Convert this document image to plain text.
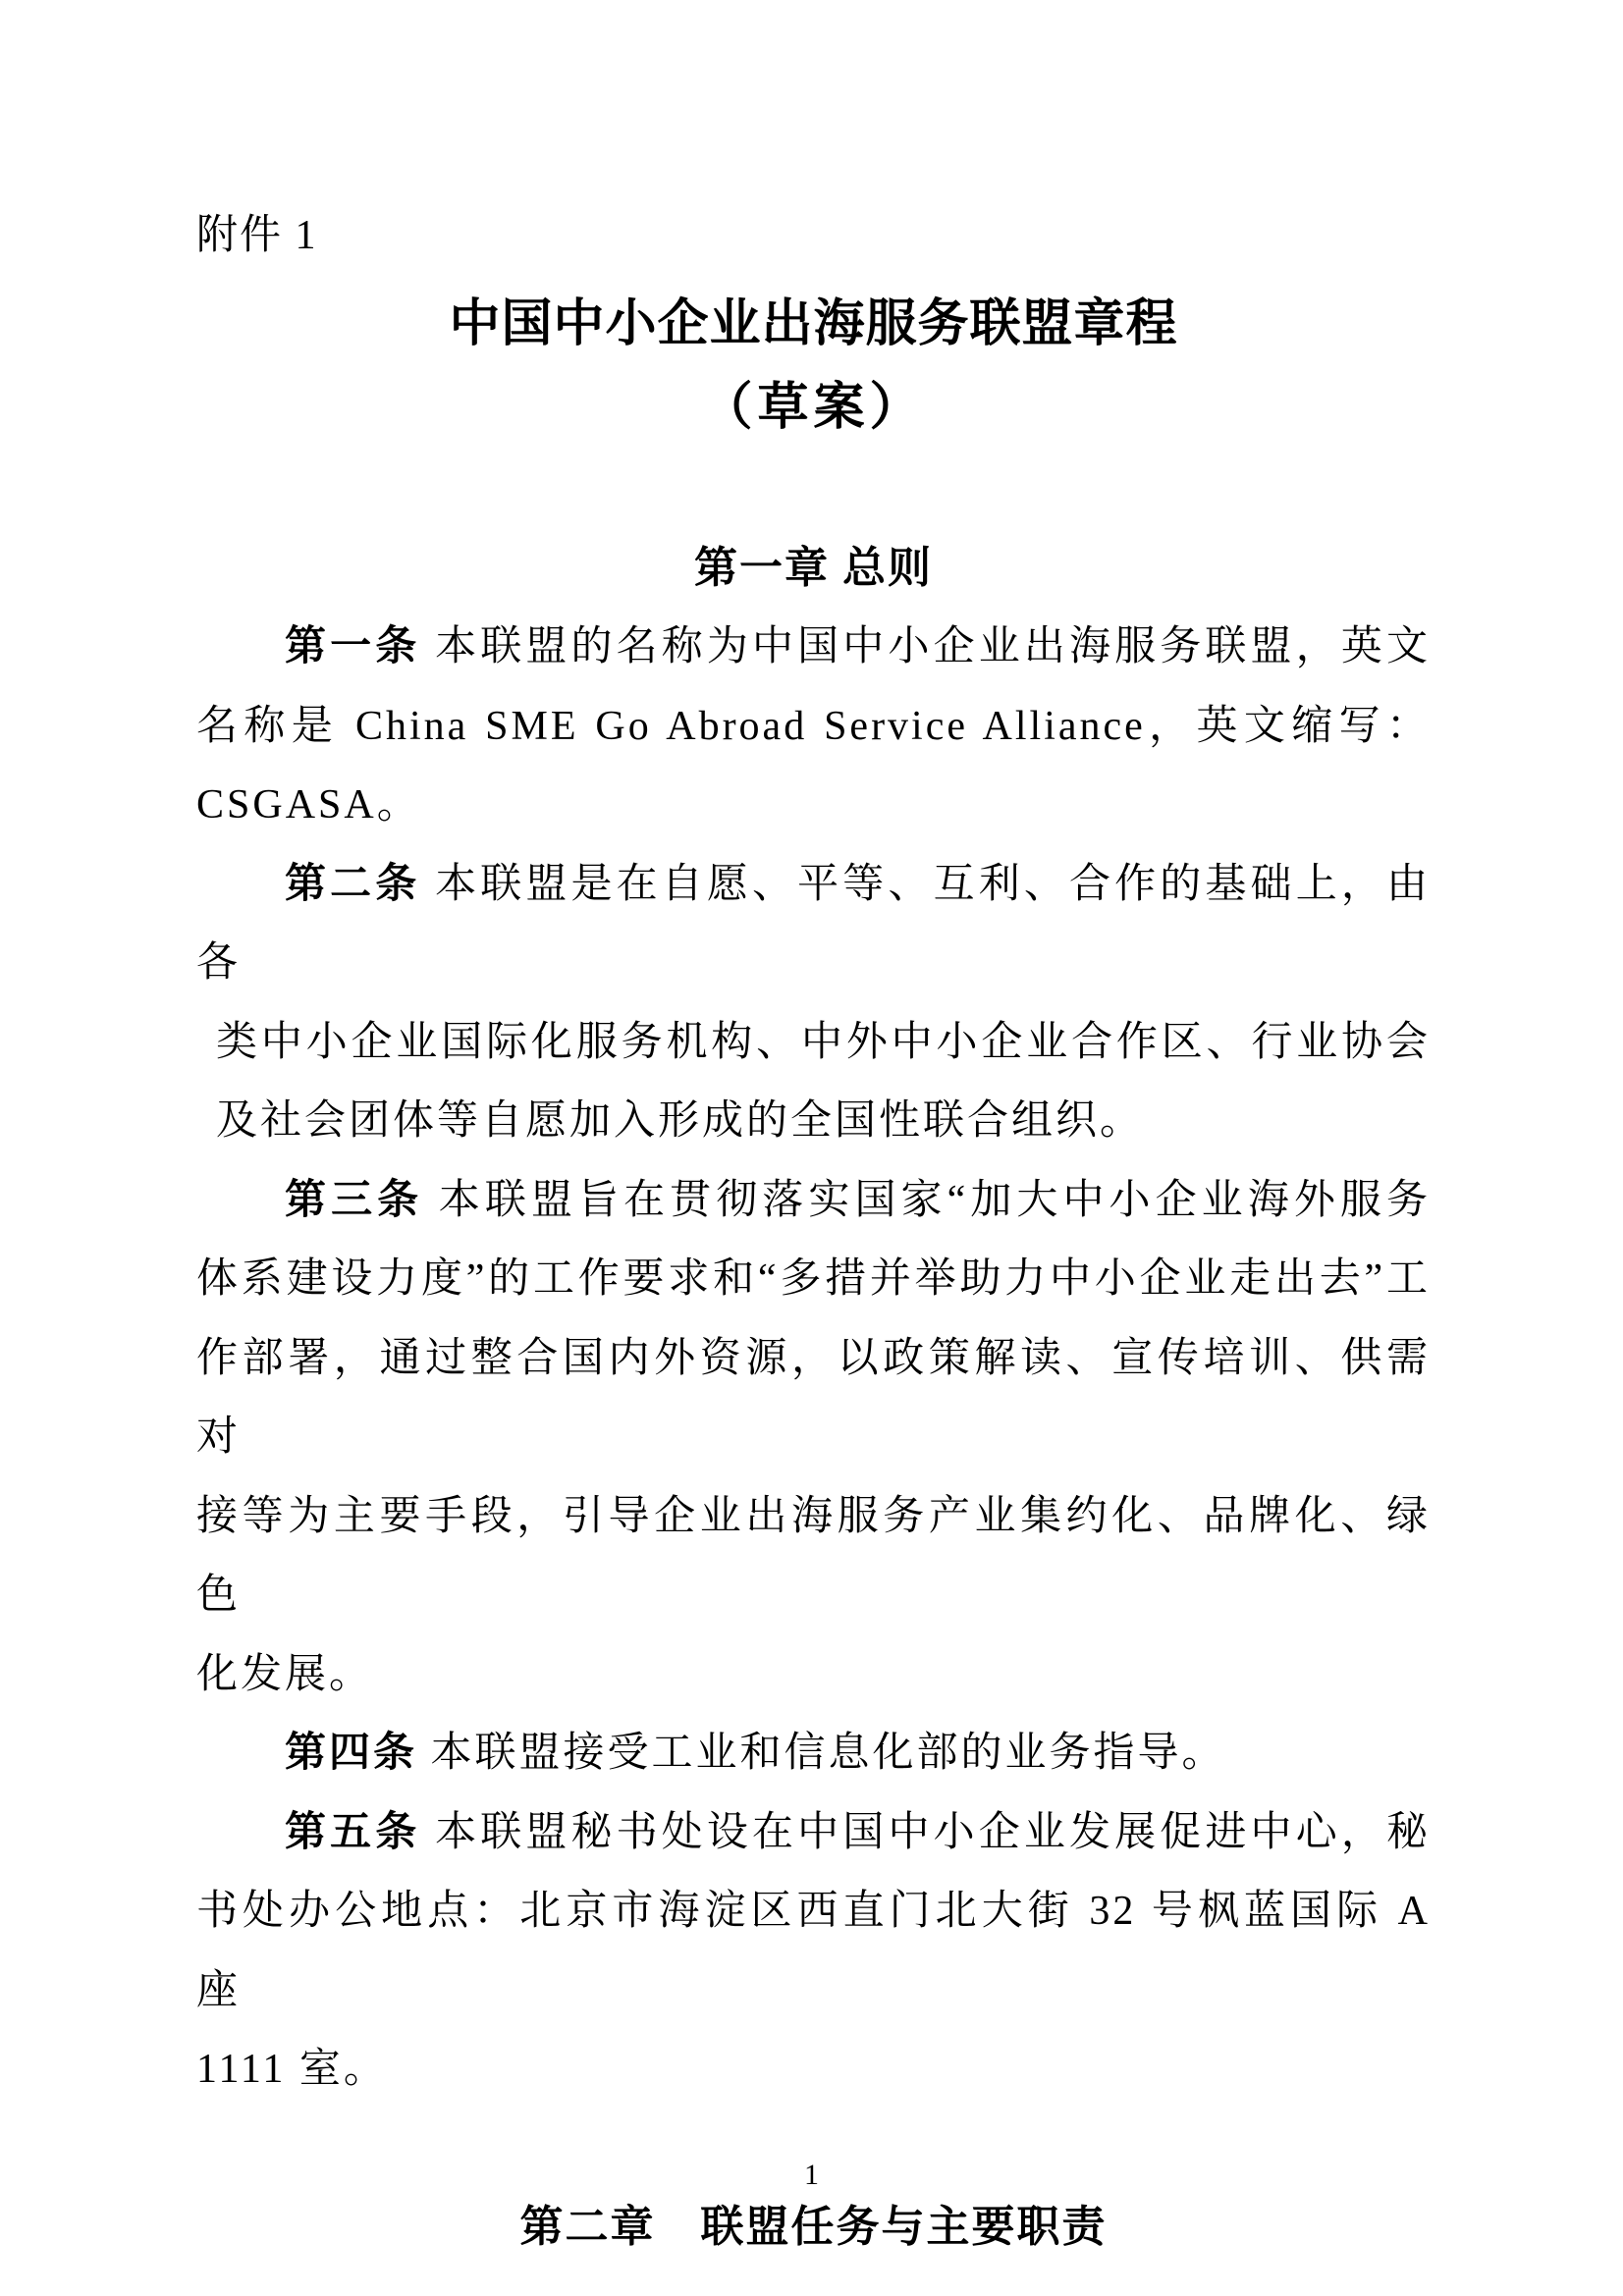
附件 1
中国中小企业出海服务联盟章程
（草案）

第一章 总则
第一条 本联盟的名称为中国中小企业出海服务联盟，英文
名称是 China SME Go Abroad Service Alliance，英文缩写：
CSGASA。
第二条 本联盟是在自愿、平等、互利、合作的基础上，由各
类中小企业国际化服务机构、中外中小企业合作区、行业协会
及社会团体等自愿加入形成的全国性联合组织。
第三条 本联盟旨在贯彻落实国家“加大中小企业海外服务
体系建设力度”的工作要求和“多措并举助力中小企业走出去”工
作部署，通过整合国内外资源，以政策解读、宣传培训、供需对
接等为主要手段，引导企业出海服务产业集约化、品牌化、绿色
化发展。
第四条 本联盟接受工业和信息化部的业务指导。
第五条 本联盟秘书处设在中国中小企业发展促进中心，秘
书处办公地点：北京市海淀区西直门北大街 32 号枫蓝国际 A 座
1111 室。

第二章　联盟任务与主要职责
1
